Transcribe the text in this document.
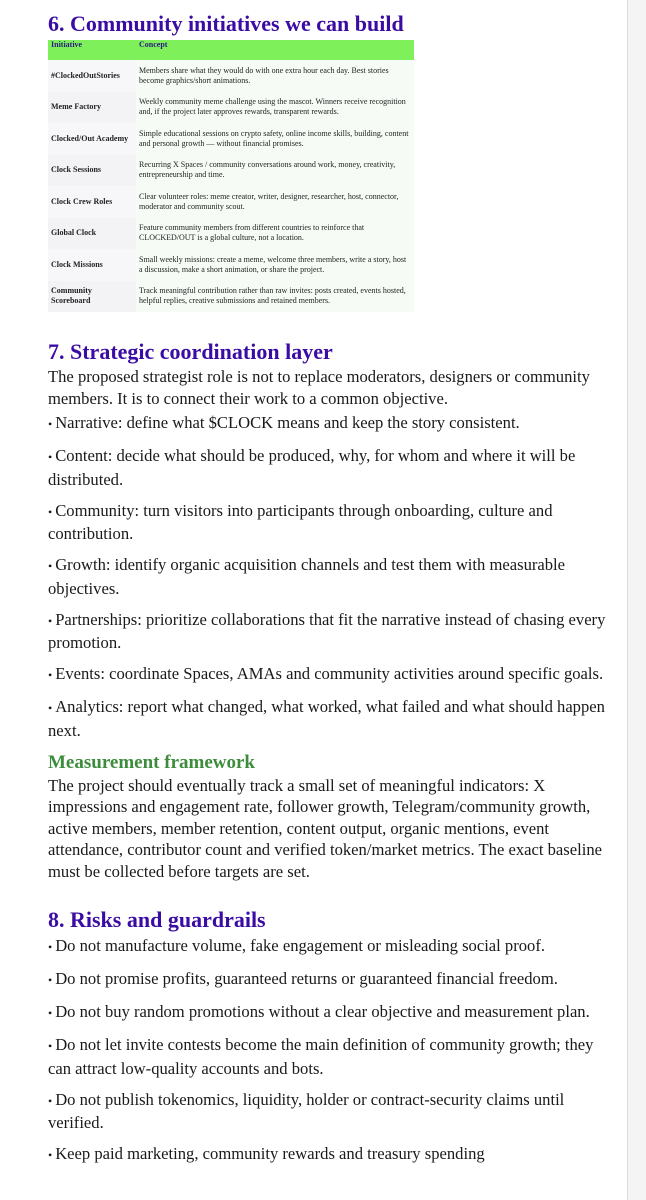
6. Community initiatives we can build
Initiative	Concept
#ClockedOutStories	Members share what they would do with one extra hour each day. Best stories become graphics/short animations.
Meme Factory	Weekly community meme challenge using the mascot. Winners receive recognition and, if the project later approves rewards, transparent rewards.
Clocked/Out Academy	Simple educational sessions on crypto safety, online income skills, building, content and personal growth — without financial promises.
Clock Sessions	Recurring X Spaces / community conversations around work, money, creativity, entrepreneurship and time.
Clock Crew Roles	Clear volunteer roles: meme creator, writer, designer, researcher, host, connector, moderator and community scout.
Global Clock	Feature community members from different countries to reinforce that CLOCKED/OUT is a global culture, not a location.
Clock Missions	Small weekly missions: create a meme, welcome three members, write a story, host a discussion, make a short animation, or share the project.
Community Scoreboard	Track meaningful contribution rather than raw invites: posts created, events hosted, helpful replies, creative submissions and retained members.
7. Strategic coordination layer

The proposed strategist role is not to replace moderators, designers or community members. It is to connect their work to a common objective.

• Narrative: define what $CLOCK means and keep the story consistent.
• Content: decide what should be produced, why, for whom and where it will be distributed.
• Community: turn visitors into participants through onboarding, culture and contribution.
• Growth: identify organic acquisition channels and test them with measurable objectives.
• Partnerships: prioritize collaborations that fit the narrative instead of chasing every promotion.
• Events: coordinate Spaces, AMAs and community activities around specific goals.
• Analytics: report what changed, what worked, what failed and what should happen next.
Measurement framework

The project should eventually track a small set of meaningful indicators: X impressions and engagement rate, follower growth, Telegram/community growth, active members, member retention, content output, organic mentions, event attendance, contributor count and verified token/market metrics. The exact baseline must be collected before targets are set.

8. Risks and guardrails
• Do not manufacture volume, fake engagement or misleading social proof.
• Do not promise profits, guaranteed returns or guaranteed financial freedom.
• Do not buy random promotions without a clear objective and measurement plan.
• Do not let invite contests become the main definition of community growth; they can attract low-quality accounts and bots.
• Do not publish tokenomics, liquidity, holder or contract-security claims until verified.
• Keep paid marketing, community rewards and treasury spending
